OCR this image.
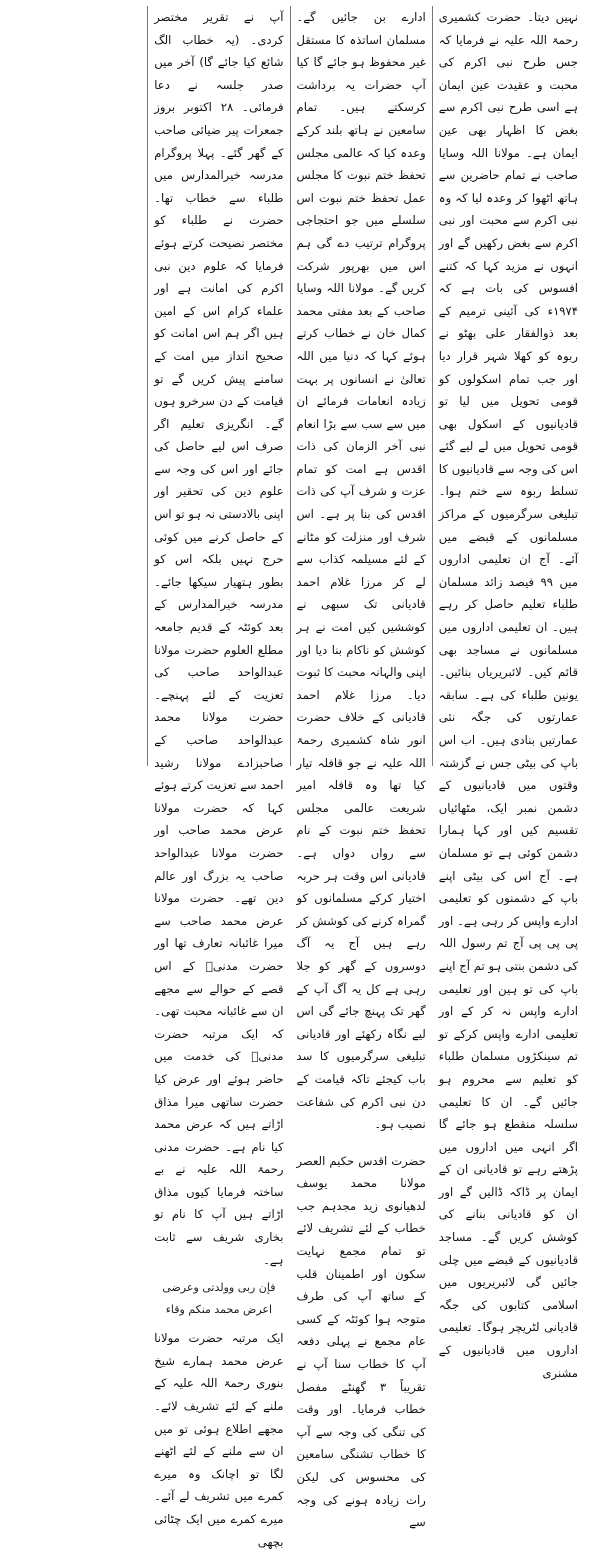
نہیں دیتا۔ حضرت کشمیری رحمۃ اللہ علیہ نے فرمایا کہ جس طرح نبی اکرم کی محبت و عقیدت عین ایمان ہے اسی طرح نبی اکرم سے بغض کا اظہار بھی عین ایمان ہے۔ مولانا اللہ وسایا صاحب نے تمام حاضرین سے ہاتھ اٹھوا کر وعدہ لیا کہ وہ نبی اکرم سے محبت اور نبی اکرم سے بغض رکھیں گے اور انہوں نے مزید کہا کہ کتنے افسوس کی بات ہے کہ ۱۹۷۴ء کی آئینی ترمیم کے بعد ذوالفقار علی بھٹو نے ربوہ کو کھلا شہر قرار دیا اور جب تمام اسکولوں کو قومی تحویل میں لیا تو قادیانیوں کے اسکول بھی قومی تحویل میں لے لیے گئے اس کی وجہ سے قادیانیوں کا تسلط ربوہ سے ختم ہوا۔ تبلیغی سرگرمیوں کے مراکز مسلمانوں کے قبضے میں آئے۔ آج ان تعلیمی اداروں میں ۹۹ فیصد زائد مسلمان طلباء تعلیم حاصل کر رہے ہیں۔ ان تعلیمی اداروں میں مسلمانوں نے مساجد بھی قائم کیں۔ لائبریریاں بنائیں۔ یونین طلباء کی ہے۔ سابقہ عمارتوں کی جگہ نئی عمارتیں بنادی ہیں۔ اب اس باپ کی بیٹی جس نے گزشتہ وقتوں میں قادیانیوں کے دشمن نمبر ایک، مٹھائیاں تقسیم کیں اور کہا ہمارا دشمن کوئی ہے تو مسلمان ہے۔ آج اس کی بیٹی اپنے باپ کے دشمنوں کو تعلیمی ادارے واپس کر رہی ہے۔ اور پی پی پی آج تم رسول اللہ کی دشمن بنتی ہو تم آج اپنے باپ کی تو ہین اور تعلیمی ادارے واپس نہ کر کے اور تعلیمی ادارے واپس کرکے تو تم سینکڑوں مسلمان طلباء کو تعلیم سے محروم ہو جائیں گے۔ ان کا تعلیمی سلسلہ منقطع ہو جائے گا اگر انہی میں اداروں میں پڑھتے رہے تو قادیانی ان کے ایمان پر ڈاکہ ڈالیں گے اور ان کو قادیانی بنانے کی کوشش کریں گے۔ مساجد قادیانیوں کے قبضے میں چلی جائیں گی لائبریریوں میں اسلامی کتابوں کی جگہ قادیانی لٹریچر ہوگا۔ تعلیمی اداروں میں قادیانیوں کے مشنری

ادارے بن جائیں گے۔ مسلمان اساتذہ کا مستقل غیر محفوظ ہو جائے گا کیا آپ حضرات یہ برداشت کرسکتے ہیں۔ تمام سامعین نے ہاتھ بلند کرکے وعدہ کیا کہ عالمی مجلس تحفظ ختم نبوت کا مجلس عمل تحفظ ختم نبوت اس سلسلے میں جو احتجاجی پروگرام ترتیب دے گی ہم اس میں بھرپور شرکت کریں گے۔ مولانا اللہ وسایا صاحب کے بعد مفتی محمد کمال خان نے خطاب کرتے ہوئے کہا کہ دنیا میں اللہ تعالیٰ نے انسانوں پر بہت زیادہ انعامات فرمائے ان میں سے سب سے بڑا انعام نبی آخر الزمان کی ذات اقدس ہے امت کو تمام عزت و شرف آپ کی ذات اقدس کی بنا پر ہے۔ اس شرف اور منزلت کو مٹانے کے لئے مسیلمہ کذاب سے لے کر مرزا غلام احمد قادیانی تک سبھی نے کوششیں کیں امت نے ہر کوشش کو ناکام بنا دیا اور اپنی والہانہ محبت کا ثبوت دیا۔ مرزا غلام احمد قادیانی کے خلاف حضرت انور شاہ کشمیری رحمۃ اللہ علیہ نے جو قافلہ تیار کیا تھا وہ قافلہ امیر شریعت عالمی مجلس تحفظ ختم نبوت کے نام سے رواں دواں ہے۔ قادیانی اس وقت ہر حربہ اختیار کرکے مسلمانوں کو گمراہ کرنے کی کوشش کر رہے ہیں آج یہ آگ دوسروں کے گھر کو جلا رہی ہے کل یہ آگ آپ کے گھر تک پہنچ جائے گی اس لیے نگاہ رکھئے اور قادیانی تبلیغی سرگرمیوں کا سد باب کیجئے تاکہ قیامت کے دن نبی اکرم کی شفاعت نصیب ہو۔

حضرت اقدس حکیم العصر مولانا محمد یوسف لدھیانوی زید مجدہم جب خطاب کے لئے تشریف لائے تو تمام مجمع نہایت سکون اور اطمینان قلب کے ساتھ آپ کی طرف متوجہ ہوا کوئٹہ کے کسی عام مجمع نے پہلی دفعہ آپ کا خطاب سنا آپ نے تقریباً ۳ گھنٹے مفصل خطاب فرمایا۔ اور وقت کی تنگی کی وجہ سے آپ کا خطاب تشنگی سامعین کی محسوس کی لیکن رات زیادہ ہونے کی وجہ سے

آپ نے تقریر مختصر کردی۔ (یہ خطاب الگ شائع کیا جائے گا) آخر میں صدر جلسہ نے دعا فرمائی۔ ۲۸ اکتوبر بروز جمعرات پیر ضیائی صاحب کے گھر گئے۔ پہلا پروگرام مدرسہ خیرالمدارس میں طلباء سے خطاب تھا۔ حضرت نے طلباء کو مختصر نصیحت کرتے ہوئے فرمایا کہ علوم دین نبی اکرم کی امانت ہے اور علماء کرام اس کے امین ہیں اگر ہم اس امانت کو صحیح انداز میں امت کے سامنے پیش کریں گے تو قیامت کے دن سرخرو ہوں گے۔ انگریزی تعلیم اگر صرف اس لیے حاصل کی جائے اور اس کی وجہ سے علوم دین کی تحقیر اور اپنی بالادستی نہ ہو تو اس کے حاصل کرنے میں کوئی حرج نہیں بلکہ اس کو بطور ہتھیار سیکھا جائے۔ مدرسہ خیرالمدارس کے بعد کوئٹہ کے قدیم جامعہ مطلع العلوم حضرت مولانا عبدالواحد صاحب کی تعزیت کے لئے پہنچے۔ حضرت مولانا محمد عبدالواحد صاحب کے صاحبزادے مولانا رشید احمد سے تعزیت کرتے ہوئے کہا کہ حضرت مولانا عرض محمد صاحب اور حضرت مولانا عبدالواحد صاحب یہ بزرگ اور عالم دین تھے۔ حضرت مولانا عرض محمد صاحب سے میرا غائبانہ تعارف تھا اور حضرت مدنیؒ کے اس قصے کے حوالے سے مجھے ان سے غائبانہ محبت تھی۔ کہ ایک مرتبہ حضرت مدنیؒ کی خدمت میں حاضر ہوئے اور عرض کیا حضرت ساتھی میرا مذاق اڑاتے ہیں کہ عرض محمد کیا نام ہے۔ حضرت مدنی رحمۃ اللہ علیہ نے بے ساختہ فرمایا کیوں مذاق اڑاتے ہیں آپ کا نام تو بخاری شریف سے ثابت ہے۔

فإن ربی وولدتی وعرضی
اعرض محمد منکم وقاء

ایک مرتبہ حضرت مولانا عرض محمد ہمارے شیخ بنوری رحمۃ اللہ علیہ کے ملنے کے لئے تشریف لائے۔ مجھے اطلاع ہوئی تو میں ان سے ملنے کے لئے اٹھنے لگا تو اچانک وہ میرے کمرے میں تشریف لے آئے۔ میرے کمرے میں ایک چٹائی بچھی
